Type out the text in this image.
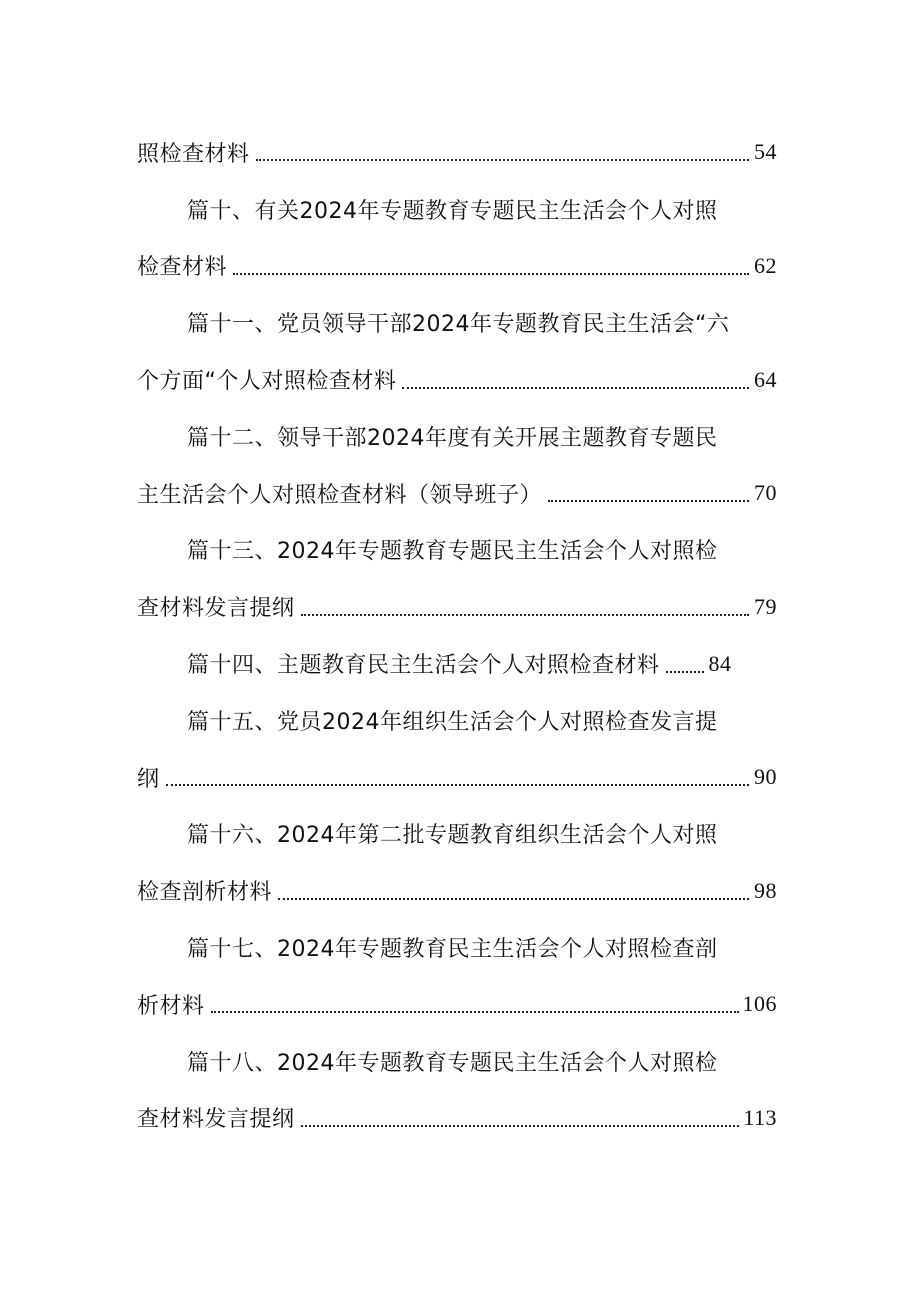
照检查材料	54
篇十、有关2024年专题教育专题民主生活会个人对照
检查材料	62
篇十一、党员领导干部2024年专题教育民主生活会“六
个方面“个人对照检查材料	64
篇十二、领导干部2024年度有关开展主题教育专题民
主生活会个人对照检查材料（领导班子）	70
篇十三、2024年专题教育专题民主生活会个人对照检
查材料发言提纲	79
篇十四、主题教育民主生活会个人对照检查材料 84
篇十五、党员2024年组织生活会个人对照检查发言提
纲	90
篇十六、2024年第二批专题教育组织生活会个人对照
检查剖析材料	98
篇十七、2024年专题教育民主生活会个人对照检查剖
析材料	106
篇十八、2024年专题教育专题民主生活会个人对照检
查材料发言提纲	113
